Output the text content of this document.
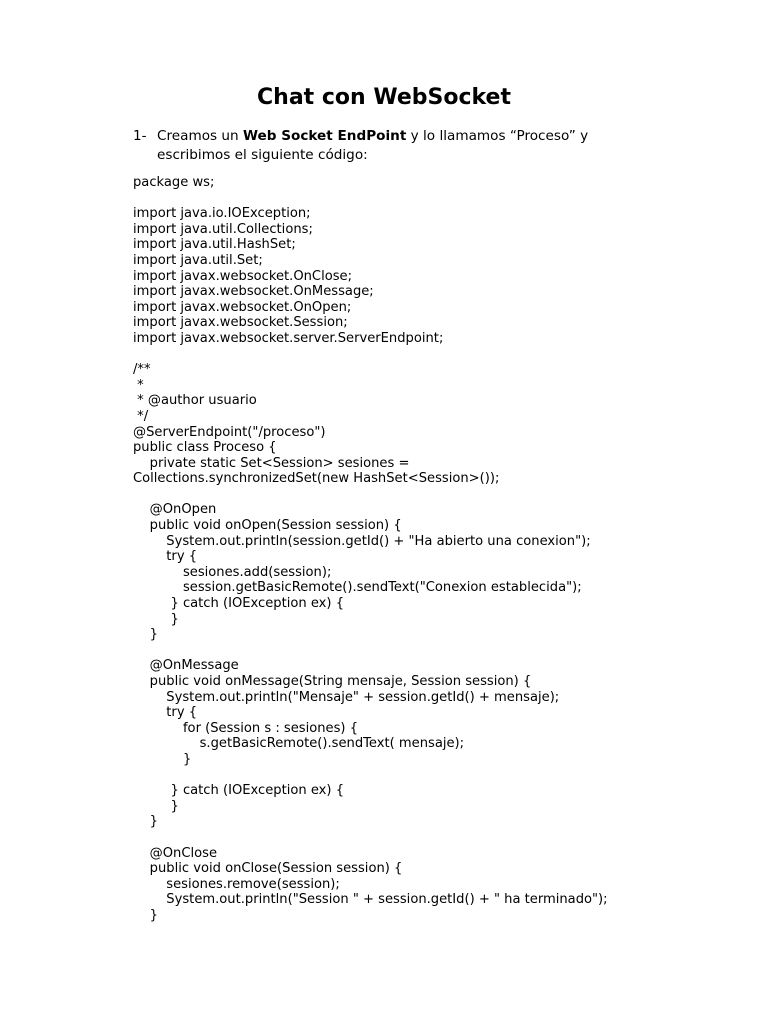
Chat con WebSocket
1- Creamos un Web Socket EndPoint y lo llamamos “Proceso” y
escribimos el siguiente código:
package ws;
import java.io.IOException;
import java.util.Collections;
import java.util.HashSet;
import java.util.Set;
import javax.websocket.OnClose;
import javax.websocket.OnMessage;
import javax.websocket.OnOpen;
import javax.websocket.Session;
import javax.websocket.server.ServerEndpoint;
/**
*
* @author usuario
*/
@ServerEndpoint("/proceso")
public class Proceso {
private static Set<Session> sesiones =
Collections.synchronizedSet(new HashSet<Session>());
@OnOpen
public void onOpen(Session session) {
System.out.println(session.getId() + "Ha abierto una conexion");
try {
sesiones.add(session);
session.getBasicRemote().sendText("Conexion establecida");
} catch (IOException ex) {
}
}
@OnMessage
public void onMessage(String mensaje, Session session) {
System.out.println("Mensaje" + session.getId() + mensaje);
try {
for (Session s : sesiones) {
s.getBasicRemote().sendText( mensaje);
}
} catch (IOException ex) {
}
}
@OnClose
public void onClose(Session session) {
sesiones.remove(session);
System.out.println("Session " + session.getId() + " ha terminado");
}
